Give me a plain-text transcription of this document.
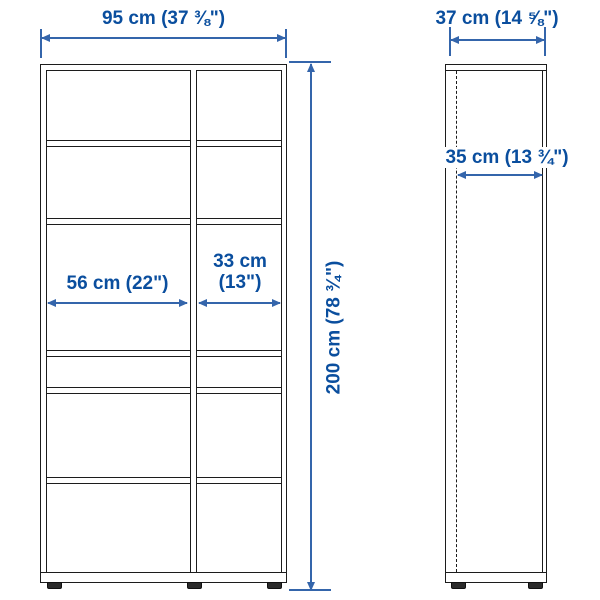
95 cm (37 ⅜")	37 cm (14 ⅝")
200 cm (78 ¾")
56 cm (22")
33 cm
(13")
35 cm (13 ¾")
